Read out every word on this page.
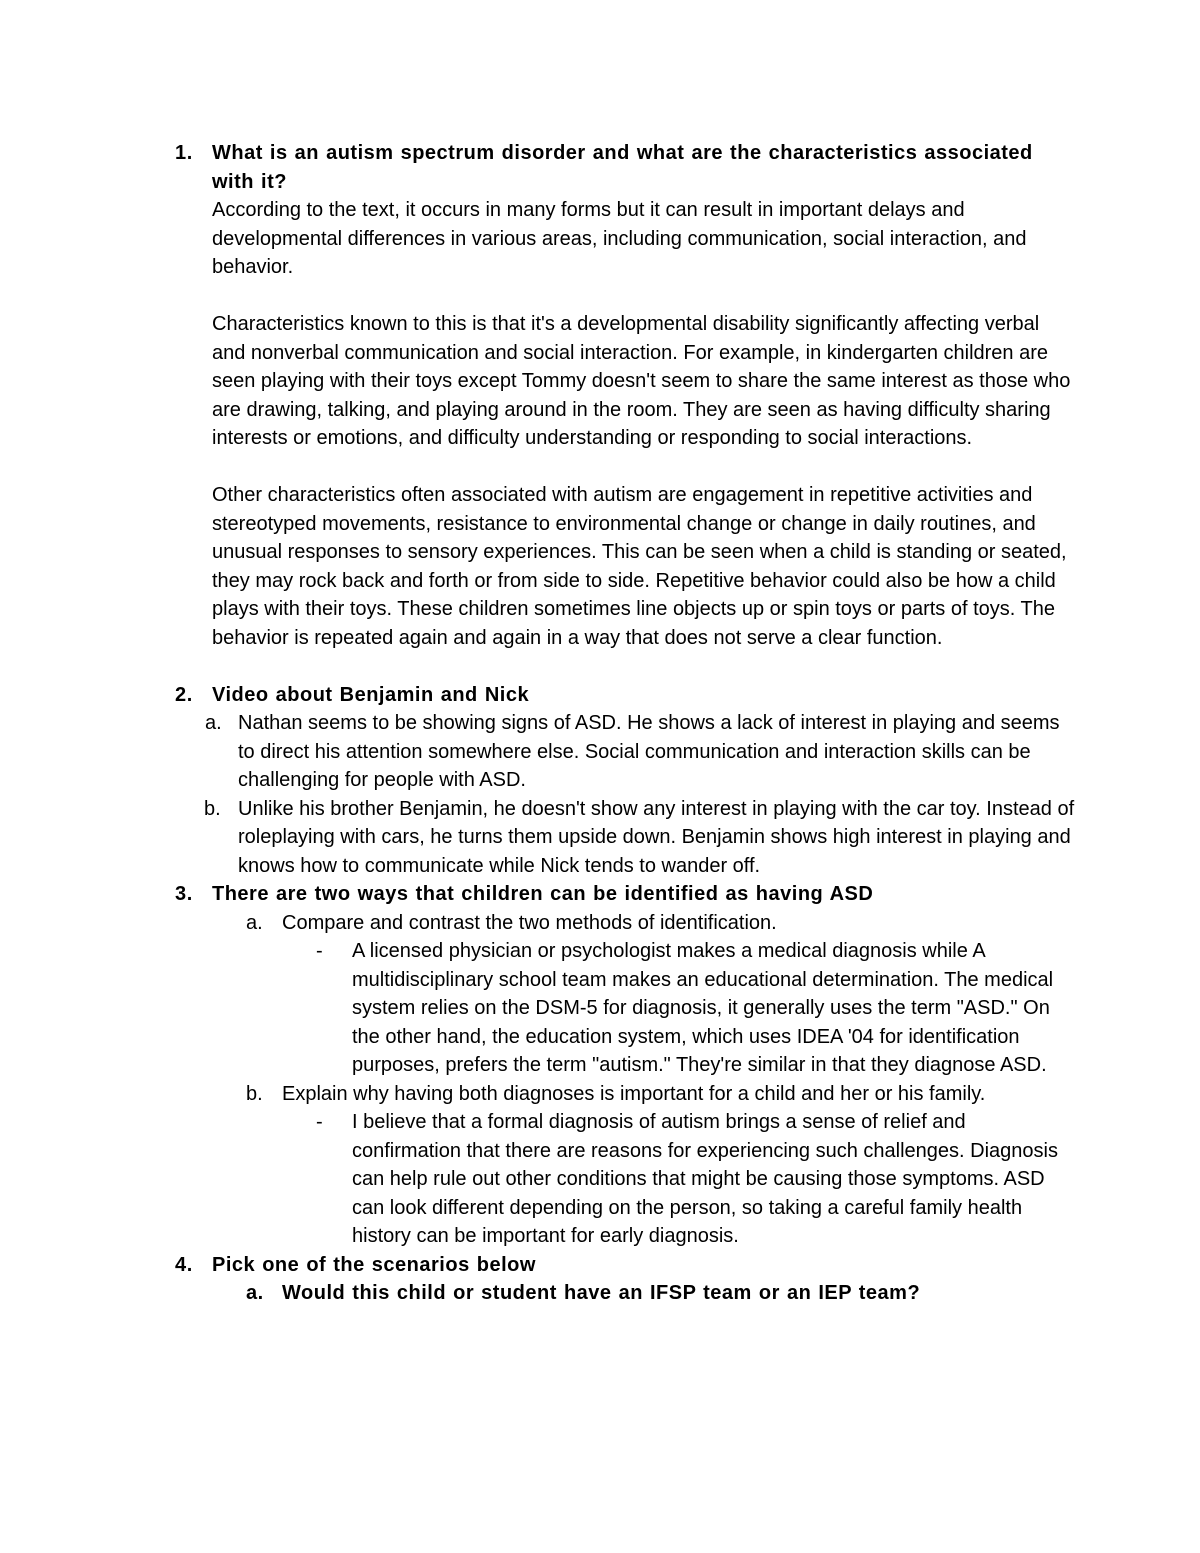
1. What is an autism spectrum disorder and what are the characteristics associated with it?

According to the text, it occurs in many forms but it can result in important delays and developmental differences in various areas, including communication, social interaction, and behavior.

Characteristics known to this is that it's a developmental disability significantly affecting verbal and nonverbal communication and social interaction. For example, in kindergarten children are seen playing with their toys except Tommy doesn't seem to share the same interest as those who are drawing, talking, and playing around in the room. They are seen as having difficulty sharing interests or emotions, and difficulty understanding or responding to social interactions.

Other characteristics often associated with autism are engagement in repetitive activities and stereotyped movements, resistance to environmental change or change in daily routines, and unusual responses to sensory experiences. This can be seen when a child is standing or seated, they may rock back and forth or from side to side. Repetitive behavior could also be how a child plays with their toys. These children sometimes line objects up or spin toys or parts of toys. The behavior is repeated again and again in a way that does not serve a clear function.

2. Video about Benjamin and Nick

a. Nathan seems to be showing signs of ASD. He shows a lack of interest in playing and seems to direct his attention somewhere else. Social communication and interaction skills can be challenging for people with ASD.

b. Unlike his brother Benjamin, he doesn't show any interest in playing with the car toy. Instead of roleplaying with cars, he turns them upside down. Benjamin shows high interest in playing and knows how to communicate while Nick tends to wander off.

3. There are two ways that children can be identified as having ASD

a. Compare and contrast the two methods of identification.

- A licensed physician or psychologist makes a medical diagnosis while A multidisciplinary school team makes an educational determination. The medical system relies on the DSM-5 for diagnosis, it generally uses the term "ASD." On the other hand, the education system, which uses IDEA '04 for identification purposes, prefers the term "autism." They're similar in that they diagnose ASD.

b. Explain why having both diagnoses is important for a child and her or his family.

- I believe that a formal diagnosis of autism brings a sense of relief and confirmation that there are reasons for experiencing such challenges. Diagnosis can help rule out other conditions that might be causing those symptoms. ASD can look different depending on the person, so taking a careful family health history can be important for early diagnosis.

4. Pick one of the scenarios below

a. Would this child or student have an IFSP team or an IEP team?
